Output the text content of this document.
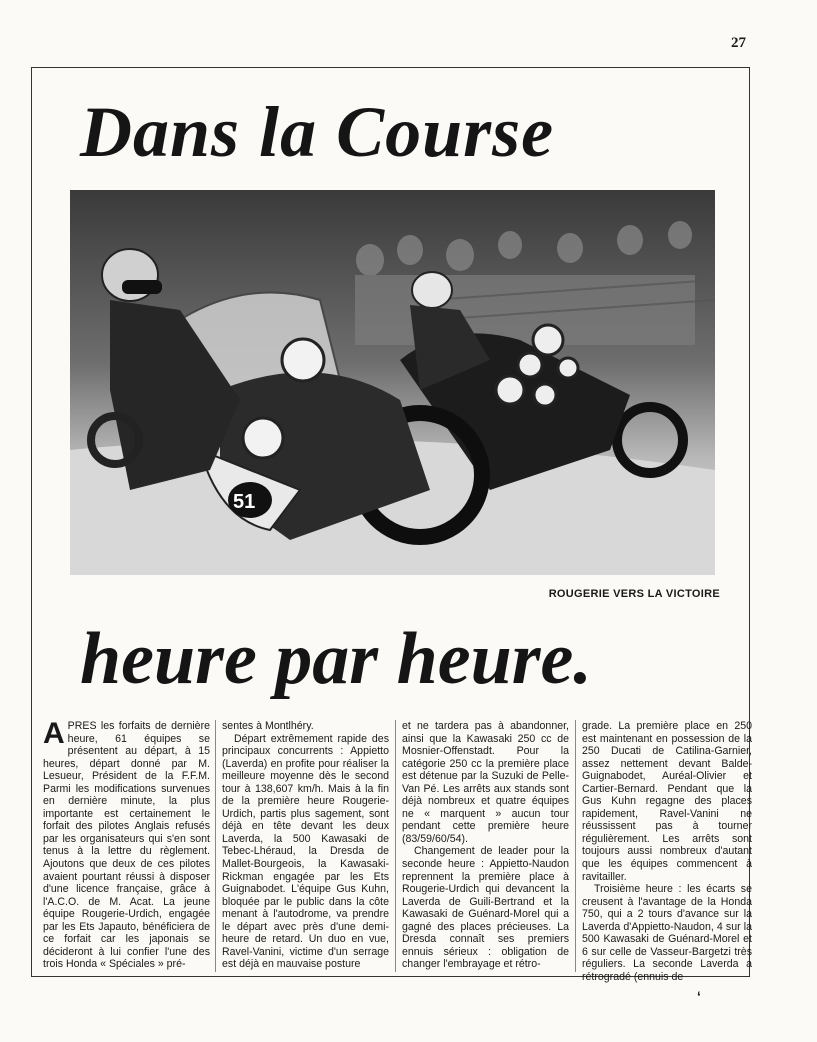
27
Dans la Course
51
ROUGERIE VERS LA VICTOIRE
heure par heure.

APRES les forfaits de dernière heure, 61 équipes se présentent au départ, à 15 heures, départ donné par M. Lesueur, Président de la F.F.M. Parmi les modifications survenues en dernière minute, la plus importante est certainement le forfait des pilotes Anglais refusés par les organisateurs qui s'en sont tenus à la lettre du règlement. Ajoutons que deux de ces pilotes avaient pourtant réussi à disposer d'une licence française, grâce à l'A.C.O. de M. Acat. La jeune équipe Rougerie-Urdich, engagée par les Ets Japauto, bénéficiera de ce forfait car les japonais se décideront à lui confier l'une des trois Honda « Spéciales » pré-

sentes à Montlhéry.

Départ extrêmement rapide des principaux concurrents : Appietto (Laverda) en profite pour réaliser la meilleure moyenne dès le second tour à 138,607 km/h. Mais à la fin de la première heure Rougerie-Urdich, partis plus sagement, sont déjà en tête devant les deux Laverda, la 500 Kawasaki de Tebec-Lhéraud, la Dresda de Mallet-Bourgeois, la Kawasaki-Rickman engagée par les Ets Guignabodet. L'équipe Gus Kuhn, bloquée par le public dans la côte menant à l'autodrome, va prendre le départ avec près d'une demi-heure de retard. Un duo en vue, Ravel-Vanini, victime d'un serrage est déjà en mauvaise posture

et ne tardera pas à abandonner, ainsi que la Kawasaki 250 cc de Mosnier-Offenstadt. Pour la catégorie 250 cc la première place est détenue par la Suzuki de Pelle-Van Pé. Les arrêts aux stands sont déjà nombreux et quatre équipes ne « marquent » aucun tour pendant cette première heure (83/59/60/54).

Changement de leader pour la seconde heure : Appietto-Naudon reprennent la première place à Rougerie-Urdich qui devancent la Laverda de Guili-Bertrand et la Kawasaki de Guénard-Morel qui a gagné des places précieuses. La Dresda connaît ses premiers ennuis sérieux : obligation de changer l'embrayage et rétro-

grade. La première place en 250 est maintenant en possession de la 250 Ducati de Catilina-Garnier, assez nettement devant Balde-Guignabodet, Auréal-Olivier et Cartier-Bernard. Pendant que la Gus Kuhn regagne des places rapidement, Ravel-Vanini ne réussissent pas à tourner régulièrement. Les arrêts sont toujours aussi nombreux d'autant que les équipes commencent à ravitailler.

Troisième heure : les écarts se creusent à l'avantage de la Honda 750, qui a 2 tours d'avance sur la Laverda d'Appietto-Naudon, 4 sur la 500 Kawasaki de Guénard-Morel et 6 sur celle de Vasseur-Bargetzi très réguliers. La seconde Laverda a rétrogradé (ennuis de

ʻ
